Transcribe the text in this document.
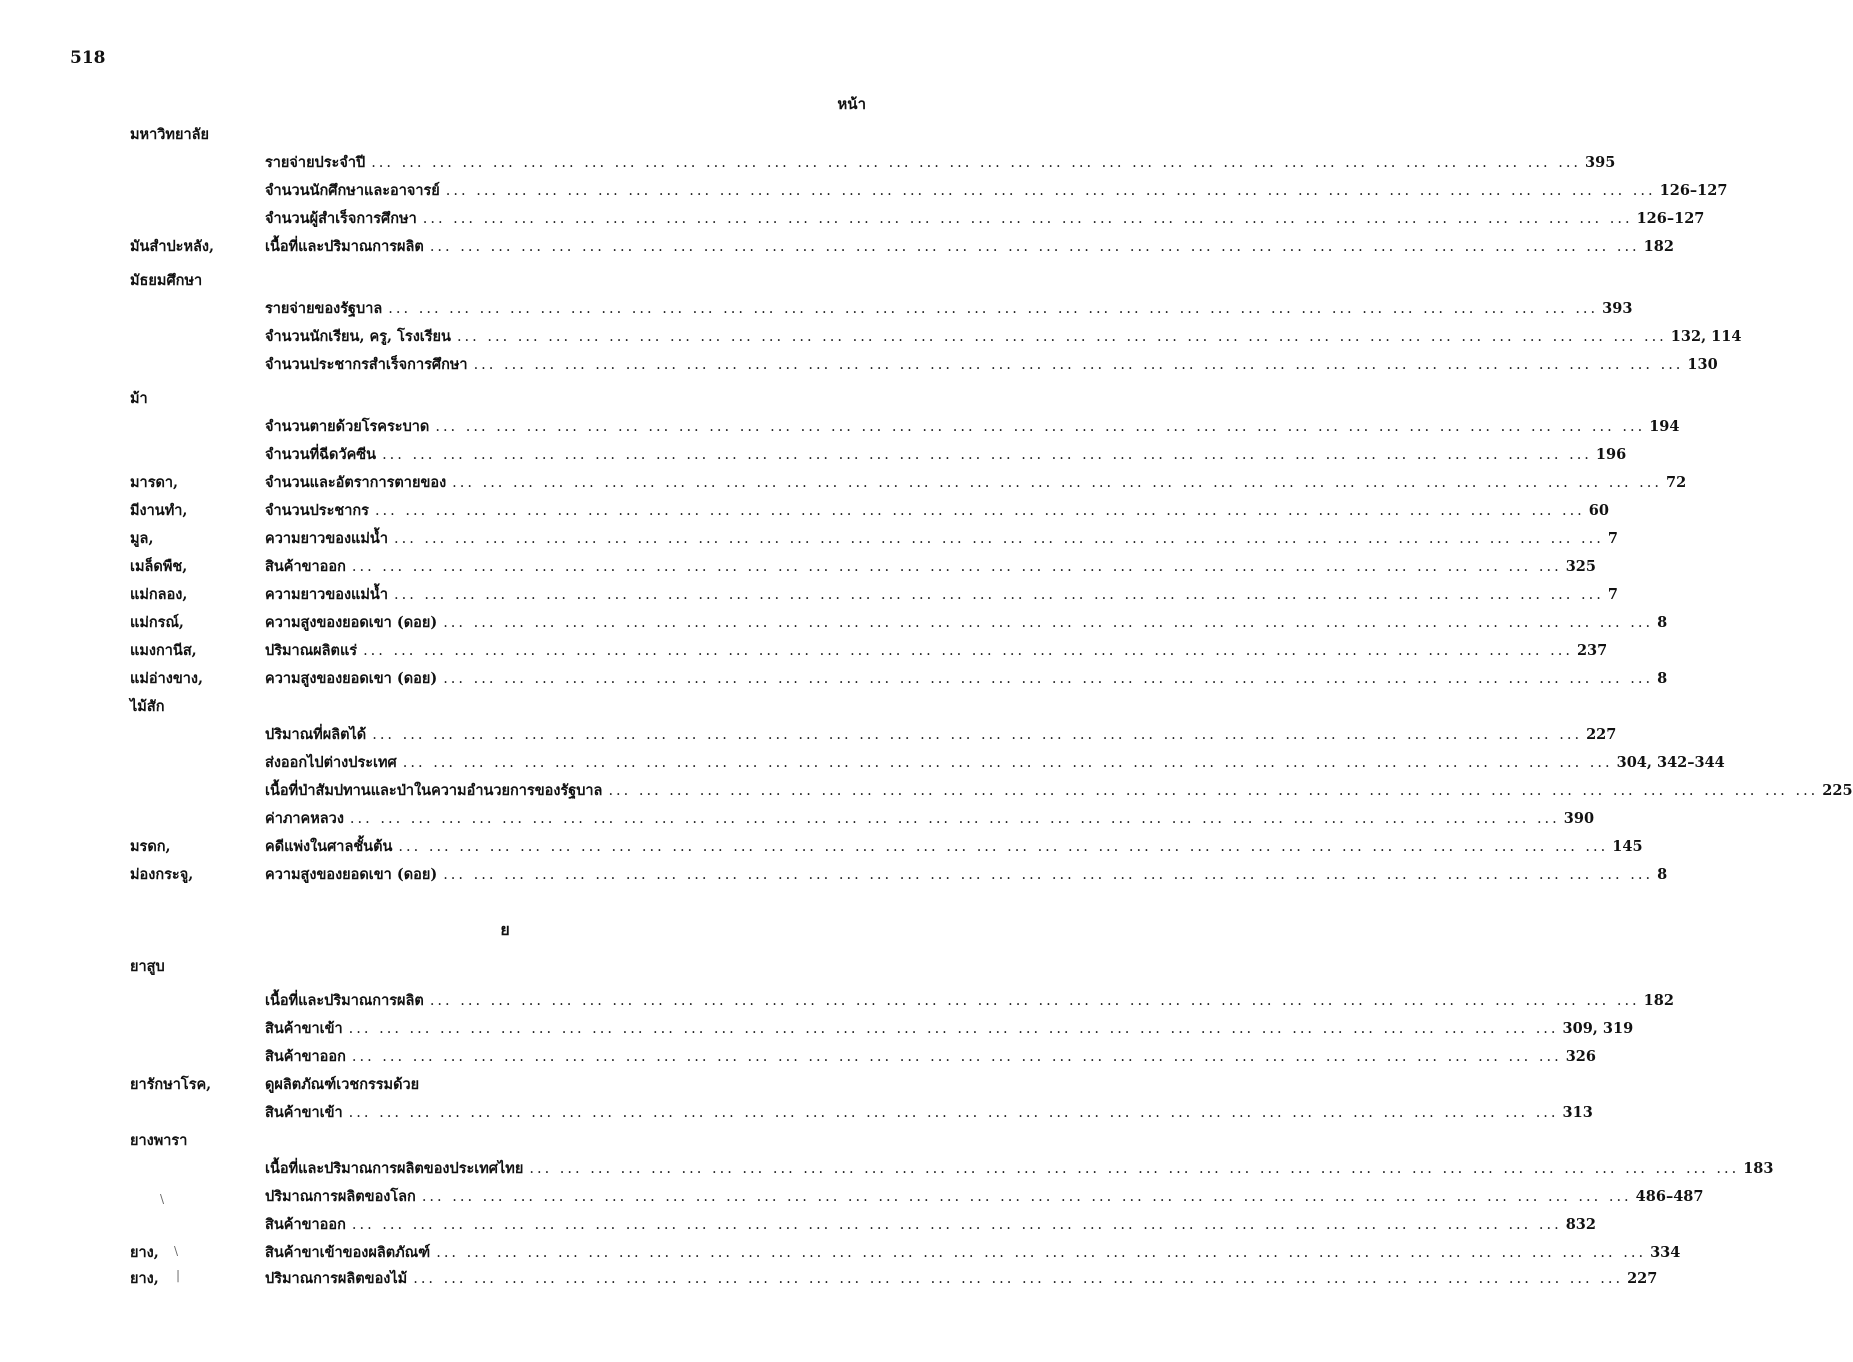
518
หน้า
มหาวิทยาลัย
รายจ่ายประจำปี ... ... ... ... ... ... ... ... ... ... ... ... ... ... ... ... ... ... ... ... ... ... ... ... ... ... ... ... ... ... ... ... ... ... ... ... ... ... ... ... 395
จำนวนนักศึกษาและอาจารย์ ... ... ... ... ... ... ... ... ... ... ... ... ... ... ... ... ... ... ... ... ... ... ... ... ... ... ... ... ... ... ... ... ... ... ... ... ... ... ... ... 126–127
จำนวนผู้สำเร็จการศึกษา ... ... ... ... ... ... ... ... ... ... ... ... ... ... ... ... ... ... ... ... ... ... ... ... ... ... ... ... ... ... ... ... ... ... ... ... ... ... ... ... 126–127
มันสำปะหลัง,	เนื้อที่และปริมาณการผลิต ... ... ... ... ... ... ... ... ... ... ... ... ... ... ... ... ... ... ... ... ... ... ... ... ... ... ... ... ... ... ... ... ... ... ... ... ... ... ... ... 182
มัธยมศึกษา
รายจ่ายของรัฐบาล ... ... ... ... ... ... ... ... ... ... ... ... ... ... ... ... ... ... ... ... ... ... ... ... ... ... ... ... ... ... ... ... ... ... ... ... ... ... ... ... 393
จำนวนนักเรียน, ครู, โรงเรียน ... ... ... ... ... ... ... ... ... ... ... ... ... ... ... ... ... ... ... ... ... ... ... ... ... ... ... ... ... ... ... ... ... ... ... ... ... ... ... ... 132, 114
จำนวนประชากรสำเร็จการศึกษา ... ... ... ... ... ... ... ... ... ... ... ... ... ... ... ... ... ... ... ... ... ... ... ... ... ... ... ... ... ... ... ... ... ... ... ... ... ... ... ... 130
ม้า
จำนวนตายด้วยโรคระบาด ... ... ... ... ... ... ... ... ... ... ... ... ... ... ... ... ... ... ... ... ... ... ... ... ... ... ... ... ... ... ... ... ... ... ... ... ... ... ... ... 194
จำนวนที่ฉีดวัคซีน ... ... ... ... ... ... ... ... ... ... ... ... ... ... ... ... ... ... ... ... ... ... ... ... ... ... ... ... ... ... ... ... ... ... ... ... ... ... ... ... 196
มารดา,	จำนวนและอัตราการตายของ ... ... ... ... ... ... ... ... ... ... ... ... ... ... ... ... ... ... ... ... ... ... ... ... ... ... ... ... ... ... ... ... ... ... ... ... ... ... ... ... 72
มีงานทำ,	จำนวนประชากร ... ... ... ... ... ... ... ... ... ... ... ... ... ... ... ... ... ... ... ... ... ... ... ... ... ... ... ... ... ... ... ... ... ... ... ... ... ... ... ... 60
มูล,	ความยาวของแม่น้ำ ... ... ... ... ... ... ... ... ... ... ... ... ... ... ... ... ... ... ... ... ... ... ... ... ... ... ... ... ... ... ... ... ... ... ... ... ... ... ... ... 7
เมล็ดพืช,	สินค้าขาออก ... ... ... ... ... ... ... ... ... ... ... ... ... ... ... ... ... ... ... ... ... ... ... ... ... ... ... ... ... ... ... ... ... ... ... ... ... ... ... ... 325
แม่กลอง,	ความยาวของแม่น้ำ ... ... ... ... ... ... ... ... ... ... ... ... ... ... ... ... ... ... ... ... ... ... ... ... ... ... ... ... ... ... ... ... ... ... ... ... ... ... ... ... 7
แม่กรณ์,	ความสูงของยอดเขา (ดอย) ... ... ... ... ... ... ... ... ... ... ... ... ... ... ... ... ... ... ... ... ... ... ... ... ... ... ... ... ... ... ... ... ... ... ... ... ... ... ... ... 8
แมงกานีส,	ปริมาณผลิตแร่ ... ... ... ... ... ... ... ... ... ... ... ... ... ... ... ... ... ... ... ... ... ... ... ... ... ... ... ... ... ... ... ... ... ... ... ... ... ... ... ... 237
แม่อ่างขาง,	ความสูงของยอดเขา (ดอย) ... ... ... ... ... ... ... ... ... ... ... ... ... ... ... ... ... ... ... ... ... ... ... ... ... ... ... ... ... ... ... ... ... ... ... ... ... ... ... ... 8
ไม้สัก
ปริมาณที่ผลิตได้ ... ... ... ... ... ... ... ... ... ... ... ... ... ... ... ... ... ... ... ... ... ... ... ... ... ... ... ... ... ... ... ... ... ... ... ... ... ... ... ... 227
ส่งออกไปต่างประเทศ ... ... ... ... ... ... ... ... ... ... ... ... ... ... ... ... ... ... ... ... ... ... ... ... ... ... ... ... ... ... ... ... ... ... ... ... ... ... ... ... 304, 342–344
เนื้อที่ป่าสัมปทานและป่าในความอำนวยการของรัฐบาล ... ... ... ... ... ... ... ... ... ... ... ... ... ... ... ... ... ... ... ... ... ... ... ... ... ... ... ... ... ... ... ... ... ... ... ... ... ... ... ... 225
ค่าภาคหลวง ... ... ... ... ... ... ... ... ... ... ... ... ... ... ... ... ... ... ... ... ... ... ... ... ... ... ... ... ... ... ... ... ... ... ... ... ... ... ... ... 390
มรดก,	คดีแพ่งในศาลชั้นต้น ... ... ... ... ... ... ... ... ... ... ... ... ... ... ... ... ... ... ... ... ... ... ... ... ... ... ... ... ... ... ... ... ... ... ... ... ... ... ... ... 145
ม่องกระจู,	ความสูงของยอดเขา (ดอย) ... ... ... ... ... ... ... ... ... ... ... ... ... ... ... ... ... ... ... ... ... ... ... ... ... ... ... ... ... ... ... ... ... ... ... ... ... ... ... ... 8
ยาสูบ
เนื้อที่และปริมาณการผลิต ... ... ... ... ... ... ... ... ... ... ... ... ... ... ... ... ... ... ... ... ... ... ... ... ... ... ... ... ... ... ... ... ... ... ... ... ... ... ... ... 182
สินค้าขาเข้า ... ... ... ... ... ... ... ... ... ... ... ... ... ... ... ... ... ... ... ... ... ... ... ... ... ... ... ... ... ... ... ... ... ... ... ... ... ... ... ... 309, 319
สินค้าขาออก ... ... ... ... ... ... ... ... ... ... ... ... ... ... ... ... ... ... ... ... ... ... ... ... ... ... ... ... ... ... ... ... ... ... ... ... ... ... ... ... 326
ยารักษาโรค,	ดูผลิตภัณฑ์เวชกรรมด้วย
สินค้าขาเข้า ... ... ... ... ... ... ... ... ... ... ... ... ... ... ... ... ... ... ... ... ... ... ... ... ... ... ... ... ... ... ... ... ... ... ... ... ... ... ... ... 313
ยางพารา
เนื้อที่และปริมาณการผลิตของประเทศไทย ... ... ... ... ... ... ... ... ... ... ... ... ... ... ... ... ... ... ... ... ... ... ... ... ... ... ... ... ... ... ... ... ... ... ... ... ... ... ... ... 183
ปริมาณการผลิตของโลก ... ... ... ... ... ... ... ... ... ... ... ... ... ... ... ... ... ... ... ... ... ... ... ... ... ... ... ... ... ... ... ... ... ... ... ... ... ... ... ... 486–487
สินค้าขาออก ... ... ... ... ... ... ... ... ... ... ... ... ... ... ... ... ... ... ... ... ... ... ... ... ... ... ... ... ... ... ... ... ... ... ... ... ... ... ... ... 832
ยาง,	สินค้าขาเข้าของผลิตภัณฑ์ ... ... ... ... ... ... ... ... ... ... ... ... ... ... ... ... ... ... ... ... ... ... ... ... ... ... ... ... ... ... ... ... ... ... ... ... ... ... ... ... 334
ยาง,	ปริมาณการผลิตของไม้ ... ... ... ... ... ... ... ... ... ... ... ... ... ... ... ... ... ... ... ... ... ... ... ... ... ... ... ... ... ... ... ... ... ... ... ... ... ... ... ... 227
ย
\
\
|
